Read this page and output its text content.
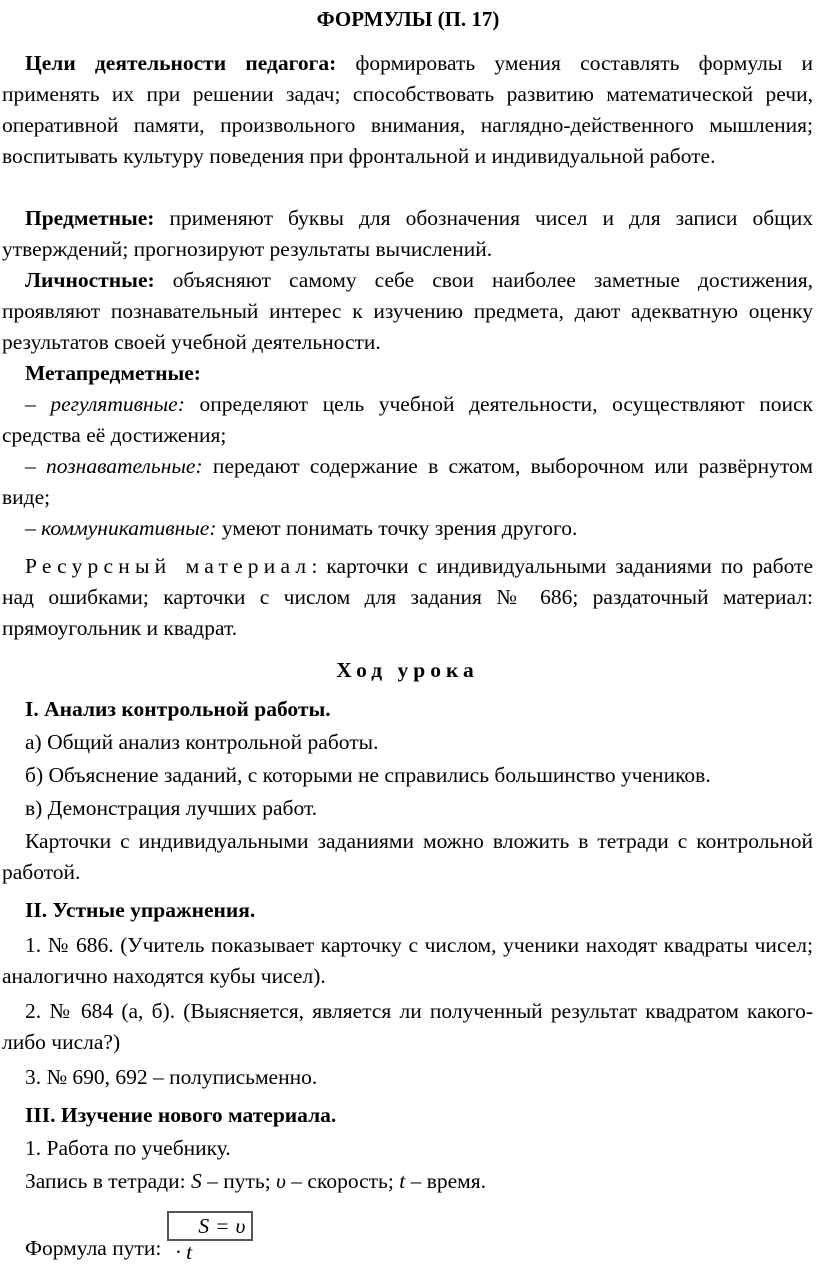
ФОРМУЛЫ (П. 17)

Цели деятельности педагога: формировать умения составлять формулы и применять их при решении задач; способствовать развитию математической речи, оперативной памяти, произвольного внимания, наглядно-действенного мышления; воспитывать культуру поведения при фронтальной и индивидуальной работе.

Предметные: применяют буквы для обозначения чисел и для записи общих утверждений; прогнозируют результаты вычислений.

Личностные: объясняют самому себе свои наиболее заметные достижения, проявляют познавательный интерес к изучению предмета, дают адекватную оценку результатов своей учебной деятельности.

Метапредметные:

– регулятивные: определяют цель учебной деятельности, осуществляют поиск средства её достижения;

– познавательные: передают содержание в сжатом, выборочном или развёрнутом виде;

– коммуникативные: умеют понимать точку зрения другого.

Ресурсный материал: карточки с индивидуальными заданиями по работе над ошибками; карточки с числом для задания № 686; раздаточный материал: прямоугольник и квадрат.

Ход урока

I. Анализ контрольной работы.

а) Общий анализ контрольной работы.

б) Объяснение заданий, с которыми не справились большинство учеников.

в) Демонстрация лучших работ.

Карточки с индивидуальными заданиями можно вложить в тетради с контрольной работой.

II. Устные упражнения.

1. № 686. (Учитель показывает карточку с числом, ученики находят квадраты чисел; аналогично находятся кубы чисел).

2. № 684 (а, б). (Выясняется, является ли полученный результат квадратом какого-либо числа?)

3. № 690, 692 – полуписьменно.

III. Изучение нового материала.

1. Работа по учебнику.

Запись в тетради: S – путь; υ – скорость; t – время.

Формула пути:S = υ · t
